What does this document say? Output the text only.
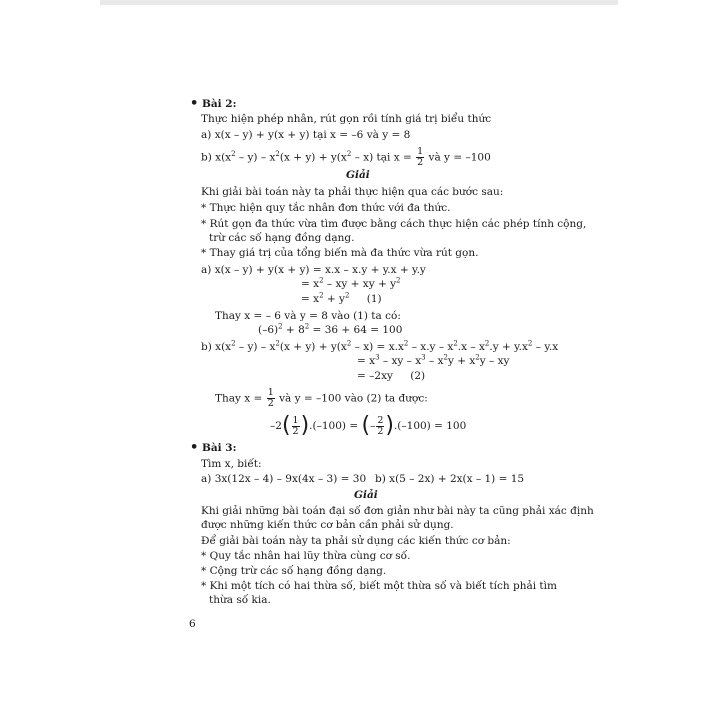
• Bài 2:
Thực hiện phép nhân, rút gọn rồi tính giá trị biểu thức
a) x(x – y) + y(x + y) tại x = –6 và y = 8
b) $x(x^2 - y) - x^2(x + y) + y(x^2 - x)$ tại $x = \frac{1}{2}$ và y = –100
Giải
Khi giải bài toán này ta phải thực hiện qua các bước sau:
* Thực hiện quy tắc nhân đơn thức với đa thức.
* Rút gọn đa thức vừa tìm được bằng cách thực hiện các phép tính cộng,
trừ các số hạng đồng dạng.
* Thay giá trị của tổng biến mà đa thức vừa rút gọn.
a) x(x – y) + y(x + y) = x.x – x.y + y.x + y.y
= $x^2$ – xy + xy + $y^2$
= $x^2 + y^2$ (1)
Thay x = – 6 và y = 8 vào (1) ta có:
$(-6)^2 + 8^2 = 36 + 64 = 100$
b) $x(x^2 - y) - x^2(x + y) + y(x^2 - x) = x.x^2 - x.y - x^2.x - x^2.y + y.x^2 - y.x$
= $x^3$ – xy – $x^3 - x^2y + x^2y$ – xy
= –2xy (2)
Thay $x = \frac{1}{2}$ và y = –100 vào (2) ta được:
$-2( \frac{1}{2} ).(-100)$ = (– $\frac{2}{2} ).(-100) = 100$
• Bài 3:
Tìm x, biết:
a) 3x(12x – 4) – 9x(4x – 3) = 30 b) x(5 – 2x) + 2x(x – 1) = 15
Giải
Khi giải những bài toán đại số đơn giản như bài này ta cũng phải xác định
được những kiến thức cơ bản cần phải sử dụng.
Để giải bài toán này ta phải sử dụng các kiến thức cơ bản:
* Quy tắc nhân hai lũy thừa cùng cơ số.
* Cộng trừ các số hạng đồng dạng.
* Khi một tích có hai thừa số, biết một thừa số và biết tích phải tìm
thừa số kia.
6
